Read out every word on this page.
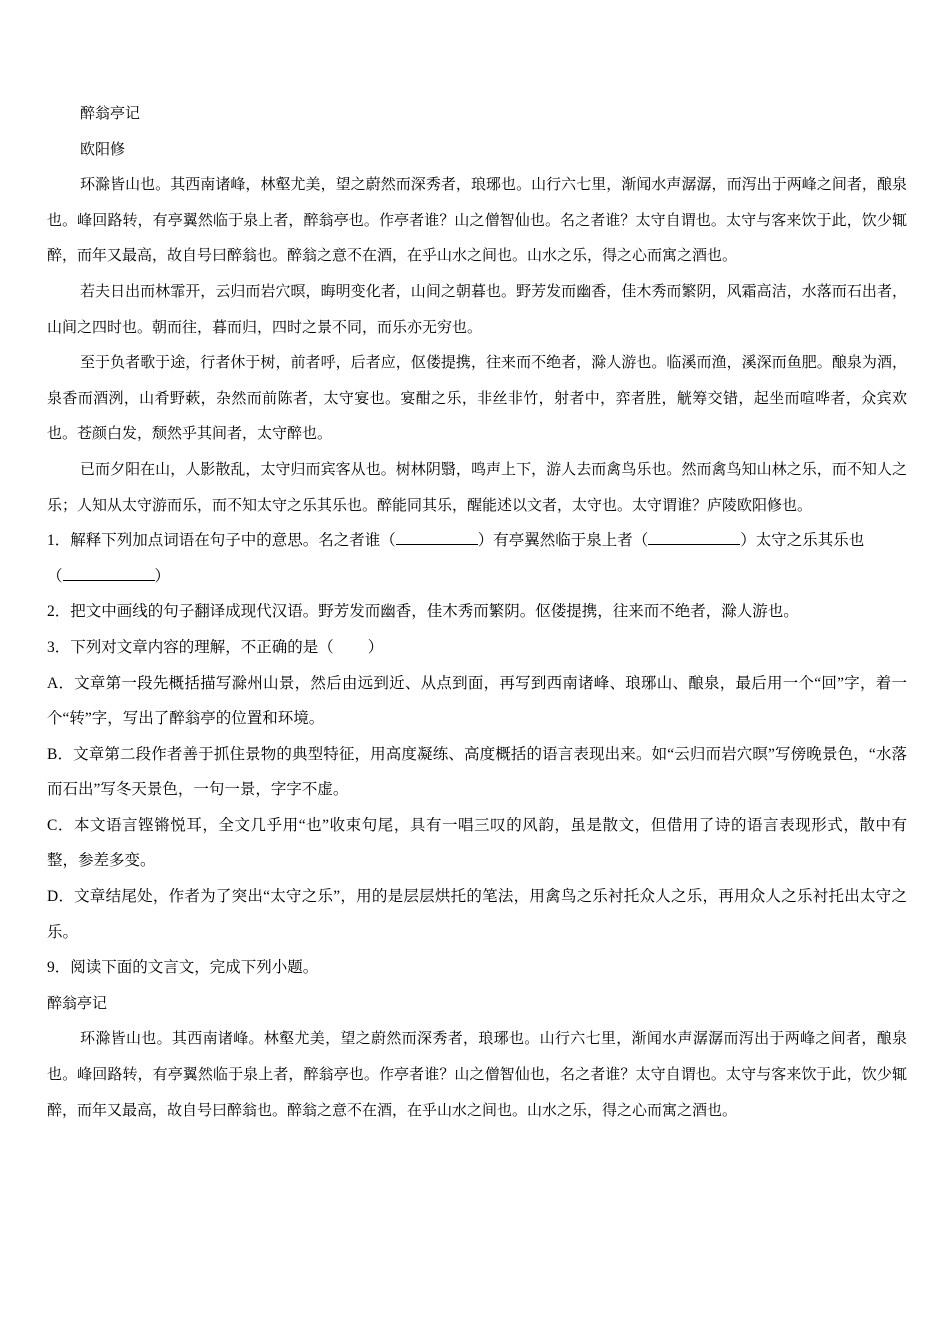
醉翁亭记

欧阳修

环滁皆山也。其西南诸峰，林壑尤美，望之蔚然而深秀者，琅琊也。山行六七里，渐闻水声潺潺，而泻出于两峰之间者，酿泉也。峰回路转，有亭翼然临于泉上者，醉翁亭也。作亭者谁？山之僧智仙也。名之者谁？太守自谓也。太守与客来饮于此，饮少辄醉，而年又最高，故自号曰醉翁也。醉翁之意不在酒，在乎山水之间也。山水之乐，得之心而寓之酒也。

若夫日出而林霏开，云归而岩穴暝，晦明变化者，山间之朝暮也。野芳发而幽香，佳木秀而繁阴，风霜高洁，水落而石出者，山间之四时也。朝而往，暮而归，四时之景不同，而乐亦无穷也。

至于负者歌于途，行者休于树，前者呼，后者应，伛偻提携，往来而不绝者，滁人游也。临溪而渔，溪深而鱼肥。酿泉为酒，泉香而酒洌，山肴野蔌，杂然而前陈者，太守宴也。宴酣之乐，非丝非竹，射者中，弈者胜，觥筹交错，起坐而喧哗者，众宾欢也。苍颜白发，颓然乎其间者，太守醉也。

已而夕阳在山，人影散乱，太守归而宾客从也。树林阴翳，鸣声上下，游人去而禽鸟乐也。然而禽鸟知山林之乐，而不知人之乐；人知从太守游而乐，而不知太守之乐其乐也。醉能同其乐，醒能述以文者，太守也。太守谓谁？庐陵欧阳修也。

1．解释下列加点词语在句子中的意思。名之者谁（	）有亭翼然临于泉上者（	）太守之乐其乐也
（	）

2．把文中画线的句子翻译成现代汉语。野芳发而幽香，佳木秀而繁阴。伛偻提携，往来而不绝者，滁人游也。

3．下列对文章内容的理解，不正确的是（ ）

A．文章第一段先概括描写滁州山景，然后由远到近、从点到面，再写到西南诸峰、琅琊山、酿泉，最后用一个“回”字，着一个“转”字，写出了醉翁亭的位置和环境。

B．文章第二段作者善于抓住景物的典型特征，用高度凝练、高度概括的语言表现出来。如“云归而岩穴暝”写傍晚景色，“水落而石出”写冬天景色，一句一景，字字不虚。

C．本文语言铿锵悦耳，全文几乎用“也”收束句尾，具有一唱三叹的风韵，虽是散文，但借用了诗的语言表现形式，散中有整，参差多变。

D．文章结尾处，作者为了突出“太守之乐”，用的是层层烘托的笔法，用禽鸟之乐衬托众人之乐，再用众人之乐衬托出太守之乐。

9．阅读下面的文言文，完成下列小题。

醉翁亭记

环滁皆山也。其西南诸峰。林壑尤美，望之蔚然而深秀者，琅琊也。山行六七里，渐闻水声潺潺而泻出于两峰之间者，酿泉也。峰回路转，有亭翼然临于泉上者，醉翁亭也。作亭者谁？山之僧智仙也，名之者谁？太守自谓也。太守与客来饮于此，饮少辄醉，而年又最高，故自号曰醉翁也。醉翁之意不在酒，在乎山水之间也。山水之乐，得之心而寓之酒也。
